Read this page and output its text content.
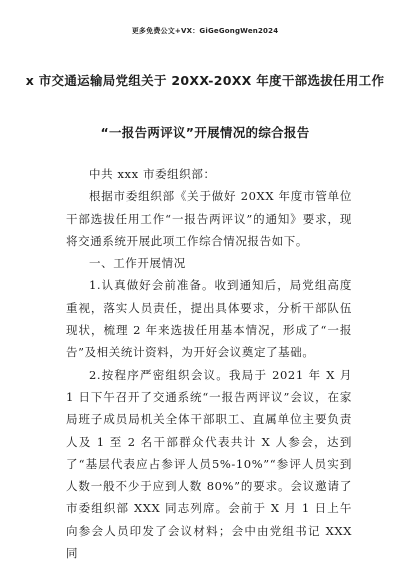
更多免费公文+VX：GiGeGongWen2024
x 市交通运输局党组关于 20XX-20XX 年度干部选拔任用工作
“一报告两评议”开展情况的综合报告

中共 xxx 市委组织部：

根据市委组织部《关于做好 20XX 年度市管单位干部选拔任用工作“一报告两评议”的通知》要求，现将交通系统开展此项工作综合情况报告如下。

一、工作开展情况

1.认真做好会前准备。收到通知后，局党组高度重视，落实人员责任，提出具体要求，分析干部队伍现状，梳理 2 年来选拔任用基本情况，形成了“一报告”及相关统计资料，为开好会议奠定了基础。

2.按程序严密组织会议。我局于 2021 年 X 月 1 日下午召开了交通系统“一报告两评议”会议，在家局班子成员局机关全体干部职工、直属单位主要负责人及 1 至 2 名干部群众代表共计 X 人参会，达到了“基层代表应占参评人员5%-10%”“参评人员实到人数一般不少于应到人数 80%”的要求。会议邀请了市委组织部 XXX 同志列席。会前于 X 月 1 日上午向参会人员印发了会议材料；会中由党组书记 XXX 同
